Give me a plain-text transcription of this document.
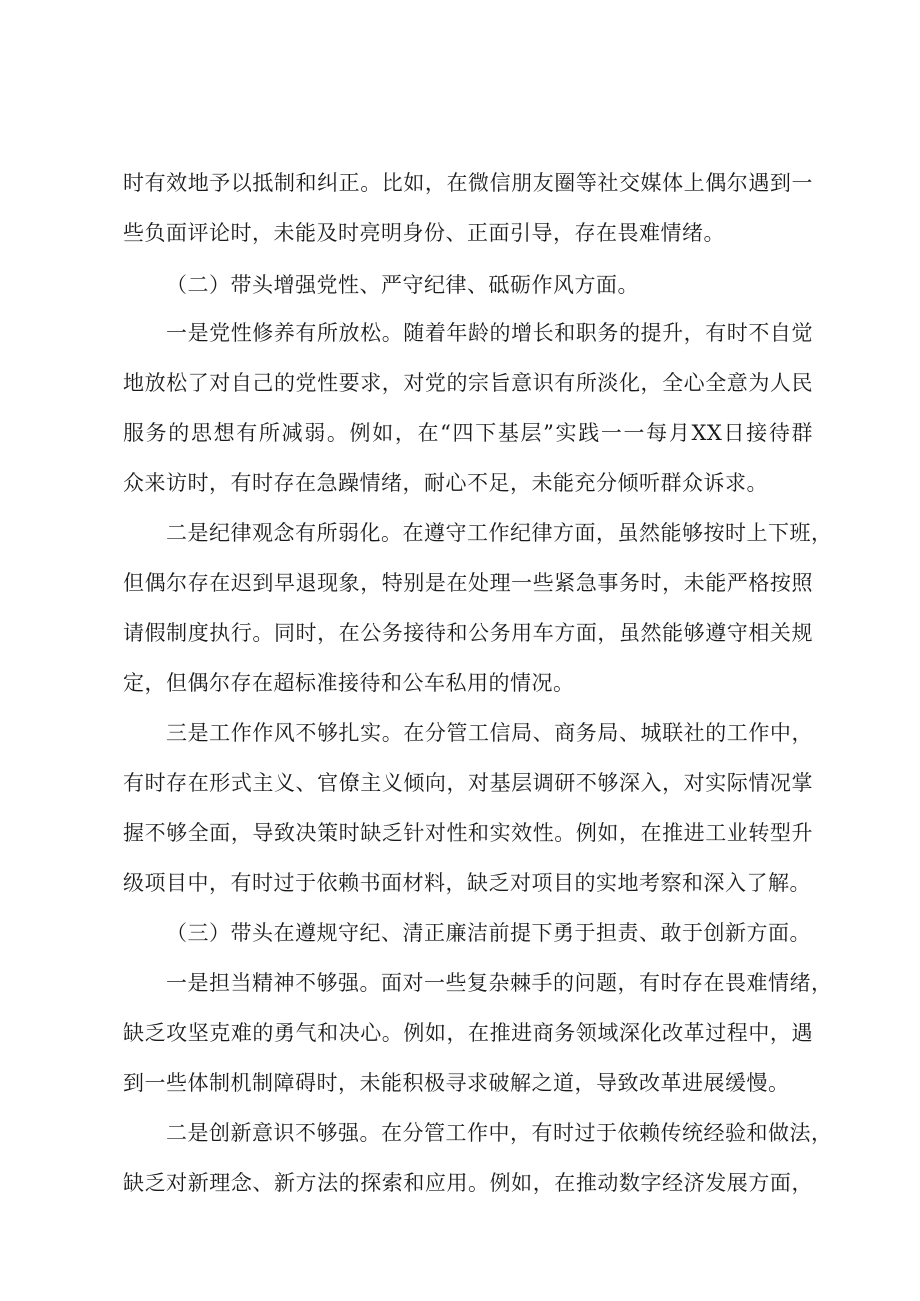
时有效地予以抵制和纠正。比如，在微信朋友圈等社交媒体上偶尔遇到一
些负面评论时，未能及时亮明身份、正面引导，存在畏难情绪。
（二）带头增强党性、严守纪律、砥砺作风方面。
一是党性修养有所放松。随着年龄的增长和职务的提升，有时不自觉
地放松了对自己的党性要求，对党的宗旨意识有所淡化，全心全意为人民
服务的思想有所减弱。例如，在“四下基层”实践一一每月XX日接待群
众来访时，有时存在急躁情绪，耐心不足，未能充分倾听群众诉求。
二是纪律观念有所弱化。在遵守工作纪律方面，虽然能够按时上下班，
但偶尔存在迟到早退现象，特别是在处理一些紧急事务时，未能严格按照
请假制度执行。同时，在公务接待和公务用车方面，虽然能够遵守相关规
定，但偶尔存在超标准接待和公车私用的情况。
三是工作作风不够扎实。在分管工信局、商务局、城联社的工作中，
有时存在形式主义、官僚主义倾向，对基层调研不够深入，对实际情况掌
握不够全面，导致决策时缺乏针对性和实效性。例如，在推进工业转型升
级项目中，有时过于依赖书面材料，缺乏对项目的实地考察和深入了解。
（三）带头在遵规守纪、清正廉洁前提下勇于担责、敢于创新方面。
一是担当精神不够强。面对一些复杂棘手的问题，有时存在畏难情绪，
缺乏攻坚克难的勇气和决心。例如，在推进商务领域深化改革过程中，遇
到一些体制机制障碍时，未能积极寻求破解之道，导致改革进展缓慢。
二是创新意识不够强。在分管工作中，有时过于依赖传统经验和做法，
缺乏对新理念、新方法的探索和应用。例如，在推动数字经济发展方面，
